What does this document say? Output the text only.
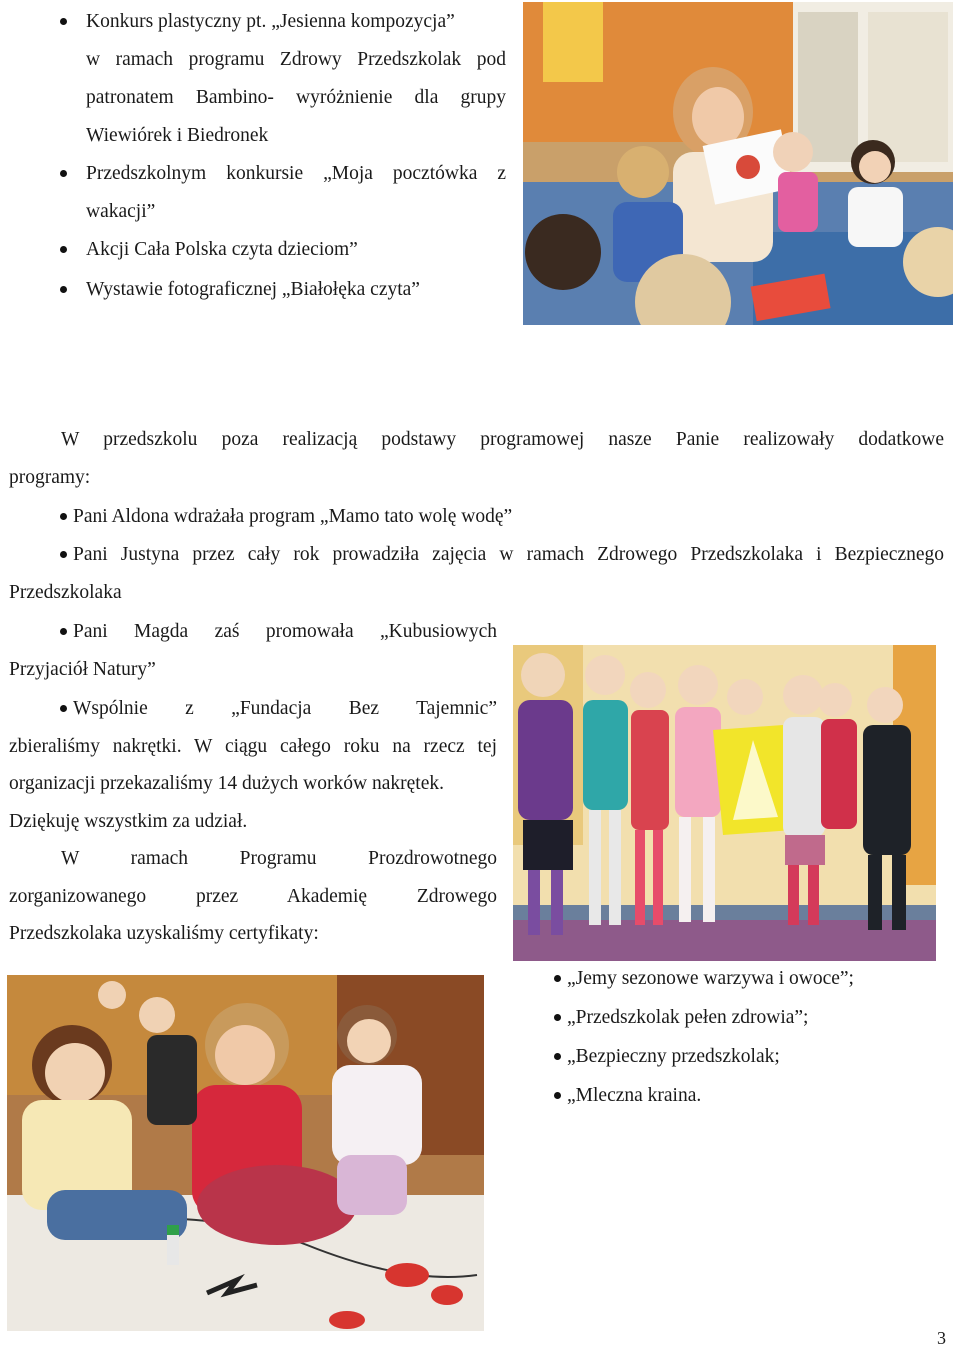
Konkurs plastyczny pt. „Jesienna kompozycja”
w ramach programu Zdrowy Przedszkolak pod
patronatem Bambino- wyróżnienie dla grupy
Wiewiórek i Biedronek
Przedszkolnym konkursie „Moja pocztówka z
wakacji”
Akcji Cała Polska czyta dzieciom”
Wystawie fotograficznej „Białołęka czyta”
W przedszkolu poza realizacją podstawy programowej nasze Panie realizowały dodatkowe
programy:
Pani Aldona wdrażała program „Mamo tato wolę wodę”
Pani Justyna przez cały rok prowadziła zajęcia w ramach Zdrowego Przedszkolaka i Bezpiecznego
Przedszkolaka
Pani Magda zaś promowała „Kubusiowych
Przyjaciół Natury”
Wspólnie z „Fundacja Bez Tajemnic”
zbieraliśmy nakrętki. W ciągu całego roku na rzecz tej
organizacji przekazaliśmy 14 dużych worków nakrętek.
Dziękuję wszystkim za udział.
W ramach Programu Prozdrowotnego
zorganizowanego przez Akademię Zdrowego
Przedszkolaka uzyskaliśmy certyfikaty:
„Jemy sezonowe warzywa i owoce”;
„Przedszkolak pełen zdrowia”;
„Bezpieczny przedszkolak;
„Mleczna kraina.
3
